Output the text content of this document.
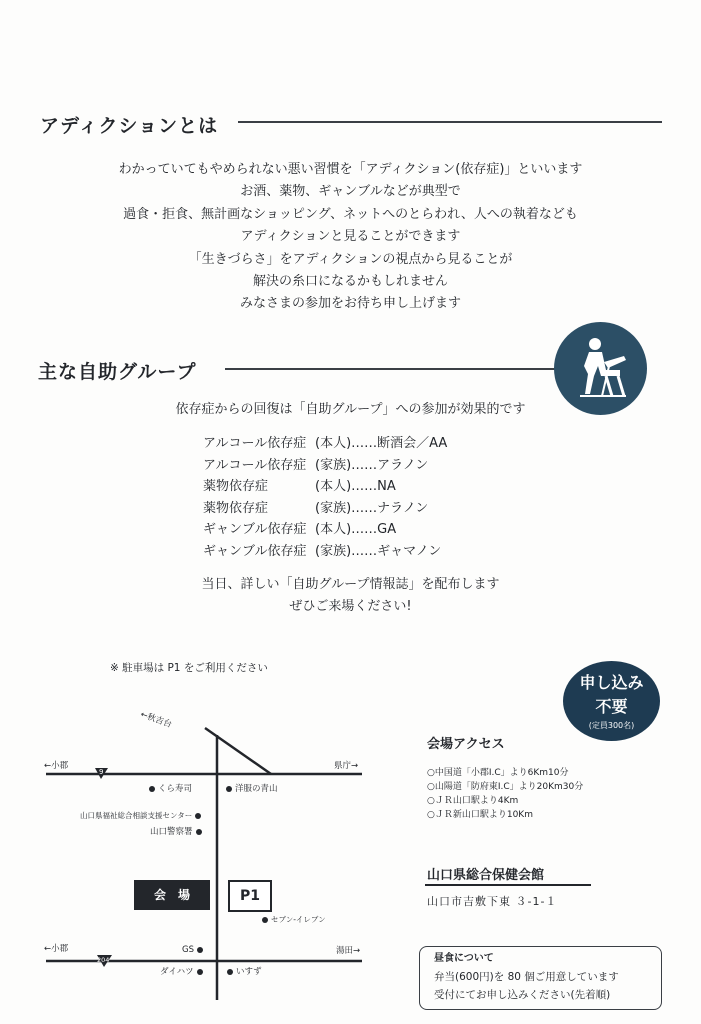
アディクションとは
わかっていてもやめられない悪い習慣を「アディクション(依存症)」といいます
お酒、薬物、ギャンブルなどが典型で
過食・拒食、無計画なショッピング、ネットへのとらわれ、人への執着なども
アディクションと見ることができます
「生きづらさ」をアディクションの視点から見ることが
解決の糸口になるかもしれません
みなさまの参加をお待ち申し上げます
主な自助グループ
依存症からの回復は「自助グループ」への参加が効果的です
アルコール依存症 (本人)……断酒会／AA
アルコール依存症 (家族)……アラノン
薬物依存症	(本人)……NA
薬物依存症	(家族)……ナラノン
ギャンブル依存症 (本人)……GA
ギャンブル依存症 (家族)……ギャマノン
当日、詳しい「自助グループ情報誌」を配布します
ぜひご来場ください!
※ 駐車場は P1 をご利用ください
申し込み
不要
(定員300名)
←秋吉台
←小郡	県庁→
9
くら寿司	洋服の青山
山口県福祉総合相談支援センター
山口警察署
会　場	P1
セブン-イレブン
←小郡	湯田→
204
GS
ダイハツ	いすず
会場アクセス
○中国道「小郡I.C」より6Km10分
○山陽道「防府東I.C」より20Km30分
○ＪＲ山口駅より4Km
○ＪＲ新山口駅より10Km
山口県総合保健会館
山口市吉敷下東 ３-1-１
昼食について
弁当(600円)を 80 個ご用意しています
受付にてお申し込みください(先着順)
